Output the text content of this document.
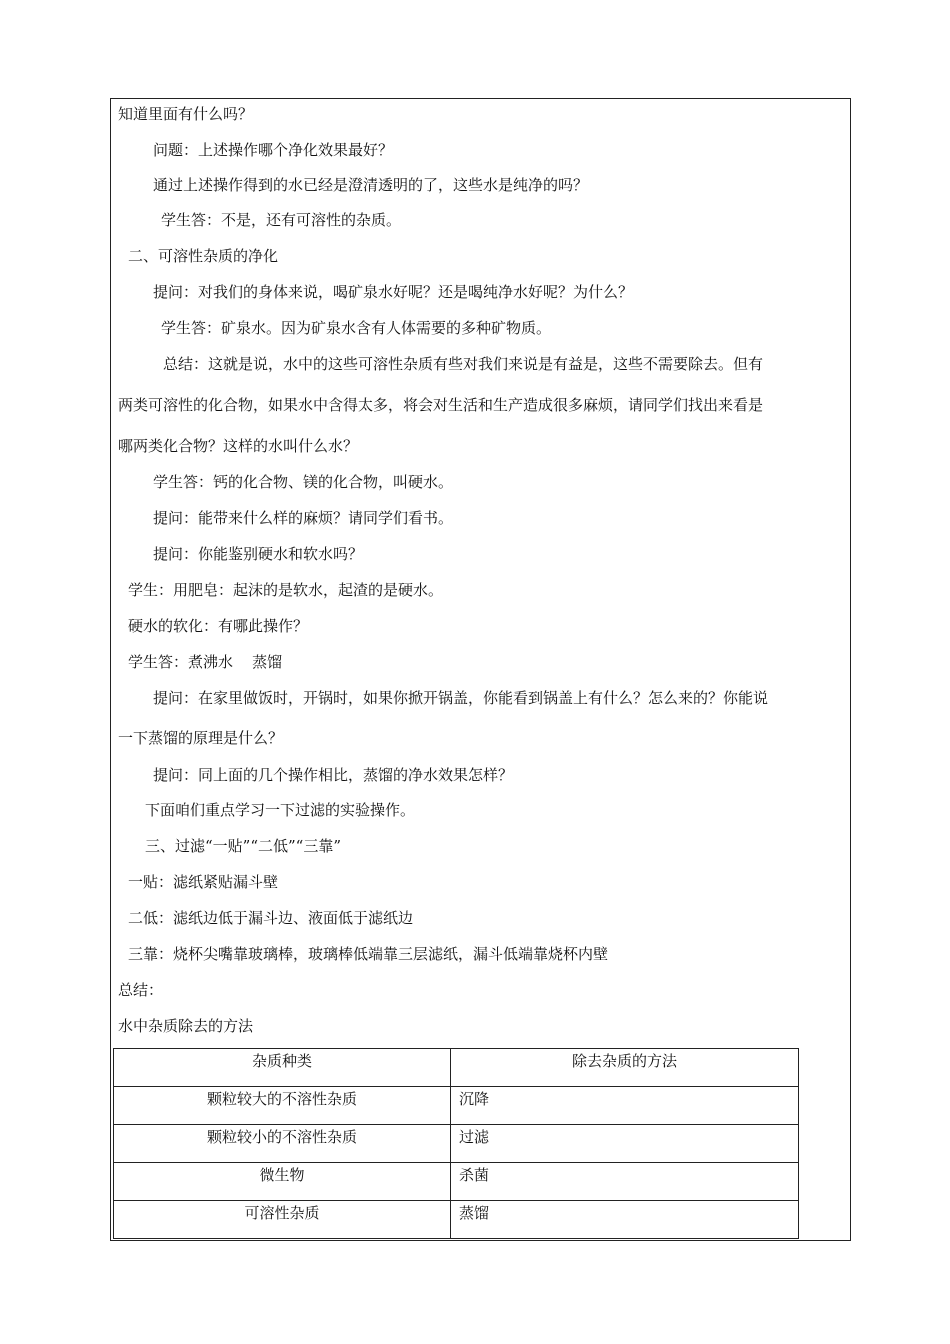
知道里面有什么吗？
问题：上述操作哪个净化效果最好？
通过上述操作得到的水已经是澄清透明的了，这些水是纯净的吗？
学生答：不是，还有可溶性的杂质。
二、可溶性杂质的净化
提问：对我们的身体来说，喝矿泉水好呢？还是喝纯净水好呢？为什么？
学生答：矿泉水。因为矿泉水含有人体需要的多种矿物质。
总结：这就是说，水中的这些可溶性杂质有些对我们来说是有益是，这些不需要除去。但有
两类可溶性的化合物，如果水中含得太多，将会对生活和生产造成很多麻烦，请同学们找出来看是
哪两类化合物？这样的水叫什么水？
学生答：钙的化合物、镁的化合物，叫硬水。
提问：能带来什么样的麻烦？请同学们看书。
提问：你能鉴别硬水和软水吗？
学生：用肥皂：起沫的是软水，起渣的是硬水。
硬水的软化：有哪此操作？
学生答：煮沸水    蒸馏
提问：在家里做饭时，开锅时，如果你掀开锅盖，你能看到锅盖上有什么？怎么来的？你能说
一下蒸馏的原理是什么？
提问：同上面的几个操作相比，蒸馏的净水效果怎样？
下面咱们重点学习一下过滤的实验操作。
三、过滤“一贴”“二低”“三靠”
一贴：滤纸紧贴漏斗壁
二低：滤纸边低于漏斗边、液面低于滤纸边
三靠：烧杯尖嘴靠玻璃棒，玻璃棒低端靠三层滤纸，漏斗低端靠烧杯内壁
总结：
水中杂质除去的方法
杂质种类	除去杂质的方法
颗粒较大的不溶性杂质	沉降
颗粒较小的不溶性杂质	过滤
微生物	杀菌
可溶性杂质	蒸馏
